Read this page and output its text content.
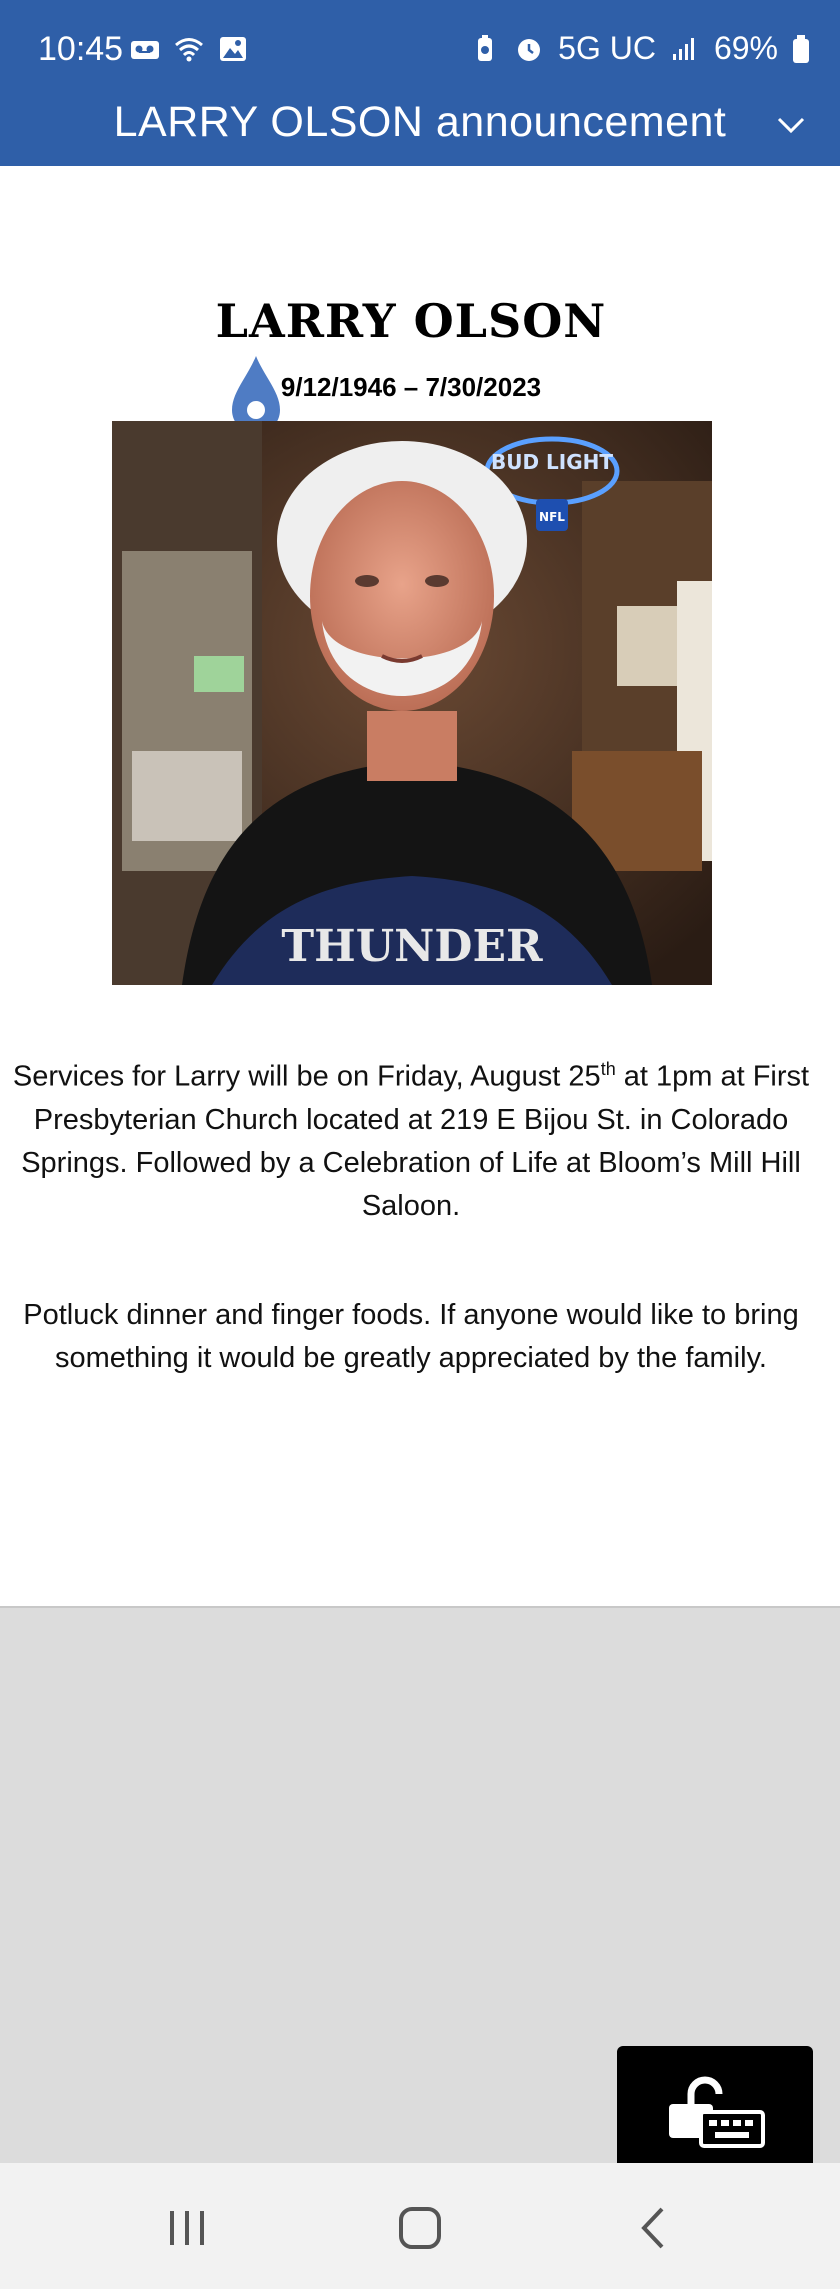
10:45	5G UC 69%
LARRY OLSON announcement
LARRY OLSON
9/12/1946 – 7/30/2023
BUD LIGHT
NFL
THUNDER
Services for Larry will be on Friday, August 25th at 1pm at First Presbyterian Church located at 219 E Bijou St. in Colorado Springs. Followed by a Celebration of Life at Bloom’s Mill Hill Saloon.
Potluck dinner and finger foods. If anyone would like to bring something it would be greatly appreciated by the family.
